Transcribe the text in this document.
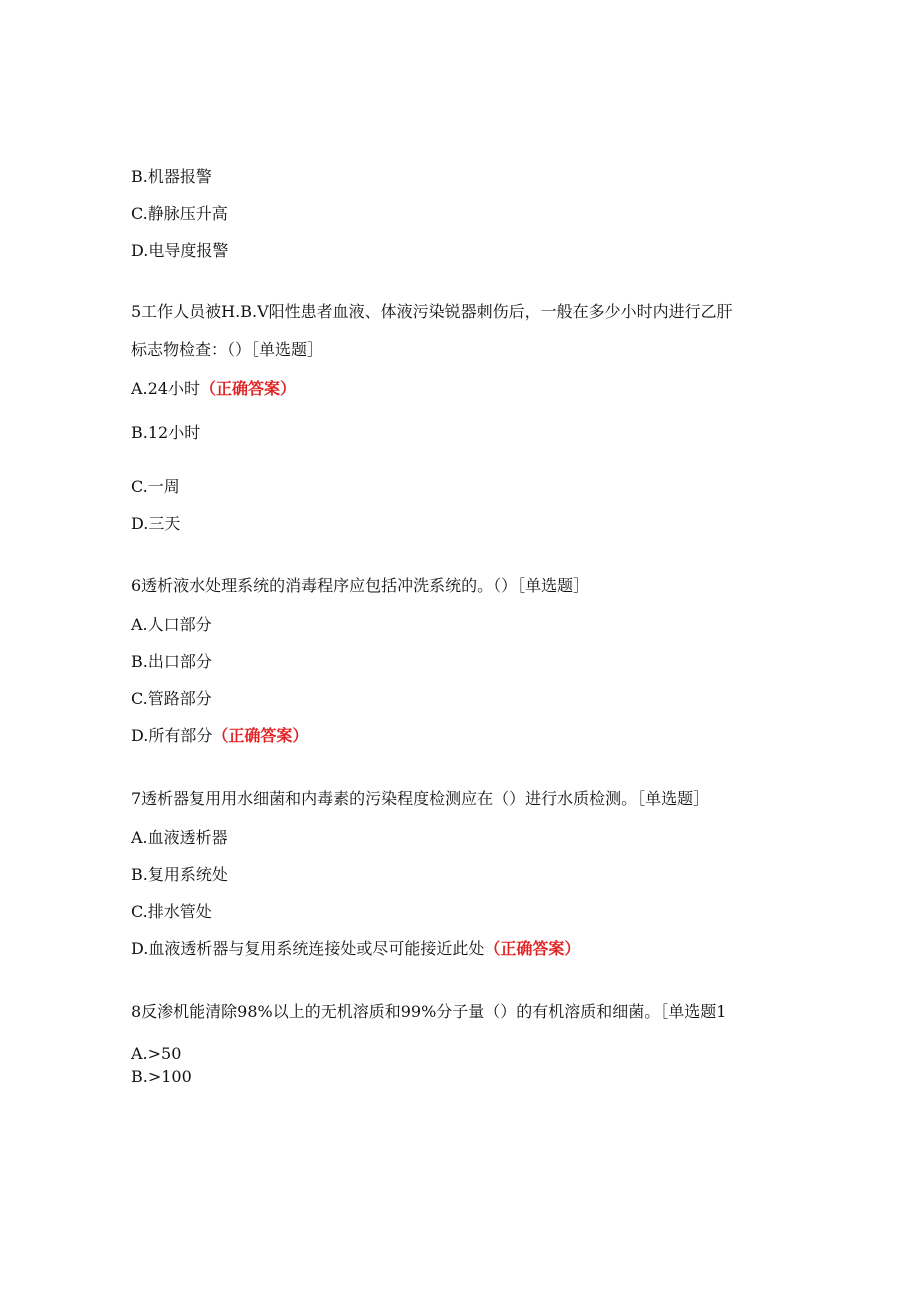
B.机器报警
C.静脉压升高
D.电导度报警
5工作人员被H.B.V阳性患者血液、体液污染锐器刺伤后，一般在多少小时内进行乙肝
标志物检查：（）［单选题］
A.24小时（正确答案）
B.12小时
C.一周
D.三天
6透析液水处理系统的消毒程序应包括冲洗系统的。（）［单选题］
A.人口部分
B.出口部分
C.管路部分
D.所有部分（正确答案）
7透析器复用用水细菌和内毒素的污染程度检测应在（）进行水质检测。［单选题］
A.血液透析器
B.复用系统处
C.排水管处
D.血液透析器与复用系统连接处或尽可能接近此处（正确答案）
8反渗机能清除98%以上的无机溶质和99%分子量（）的有机溶质和细菌。［单选题1
A.>50
B.>100
